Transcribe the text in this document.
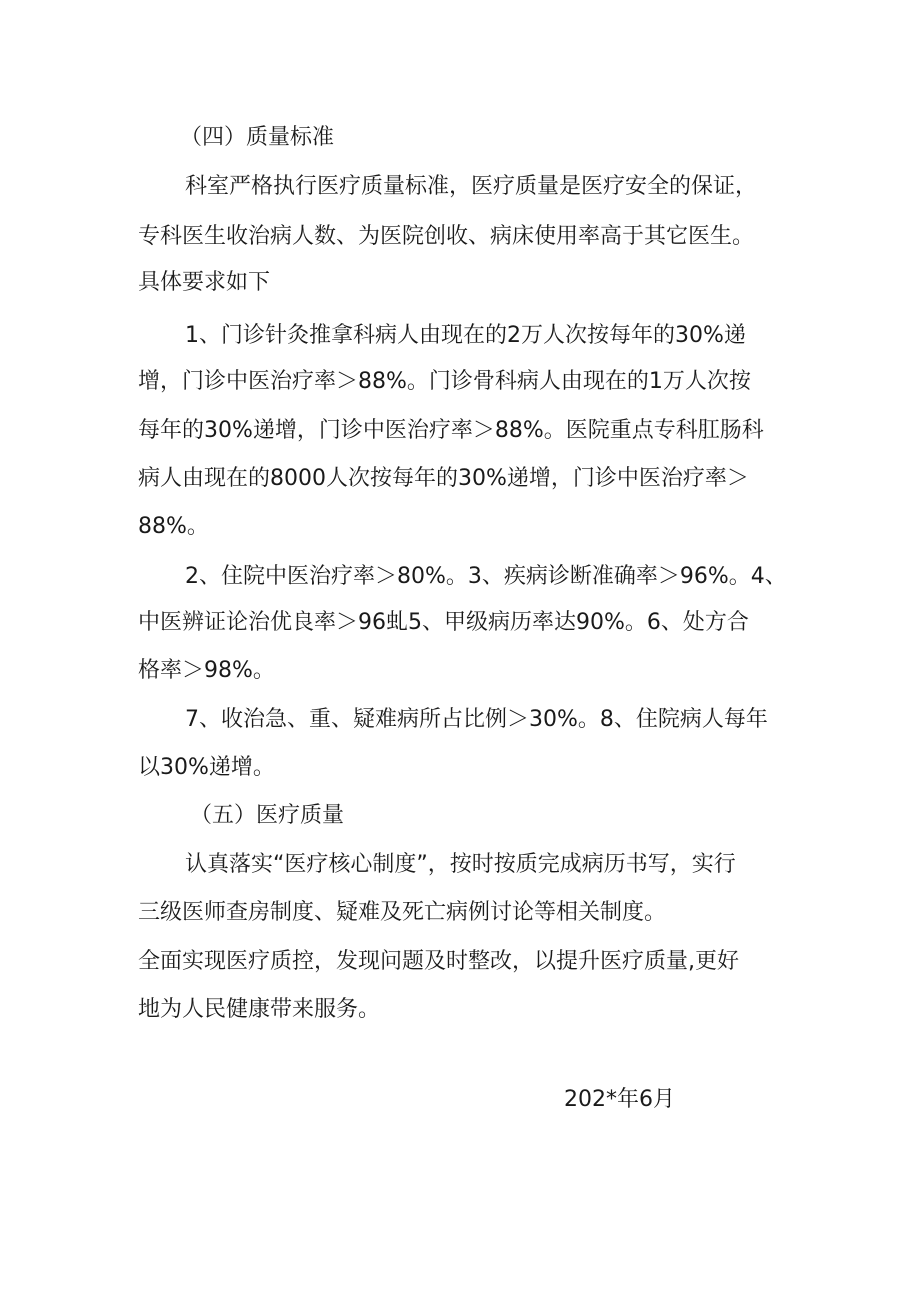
（四）质量标准
科室严格执行医疗质量标准，医疗质量是医疗安全的保证，
专科医生收治病人数、为医院创收、病床使用率高于其它医生。
具体要求如下
1、门诊针灸推拿科病人由现在的2万人次按每年的30%递
增，门诊中医治疗率＞88%。门诊骨科病人由现在的1万人次按
每年的30%递增，门诊中医治疗率＞88%。医院重点专科肛肠科
病人由现在的8000人次按每年的30%递增，门诊中医治疗率＞
88%。
2、住院中医治疗率＞80%。3、疾病诊断准确率＞96%。4、
中医辨证论治优良率＞96虬5、甲级病历率达90%。6、处方合
格率＞98%。
7、收治急、重、疑难病所占比例＞30%。8、住院病人每年
以30%递增。
（五）医疗质量
认真落实“医疗核心制度”，按时按质完成病历书写，实行
三级医师查房制度、疑难及死亡病例讨论等相关制度。
全面实现医疗质控，发现问题及时整改，以提升医疗质量,更好
地为人民健康带来服务。
202*年6月
